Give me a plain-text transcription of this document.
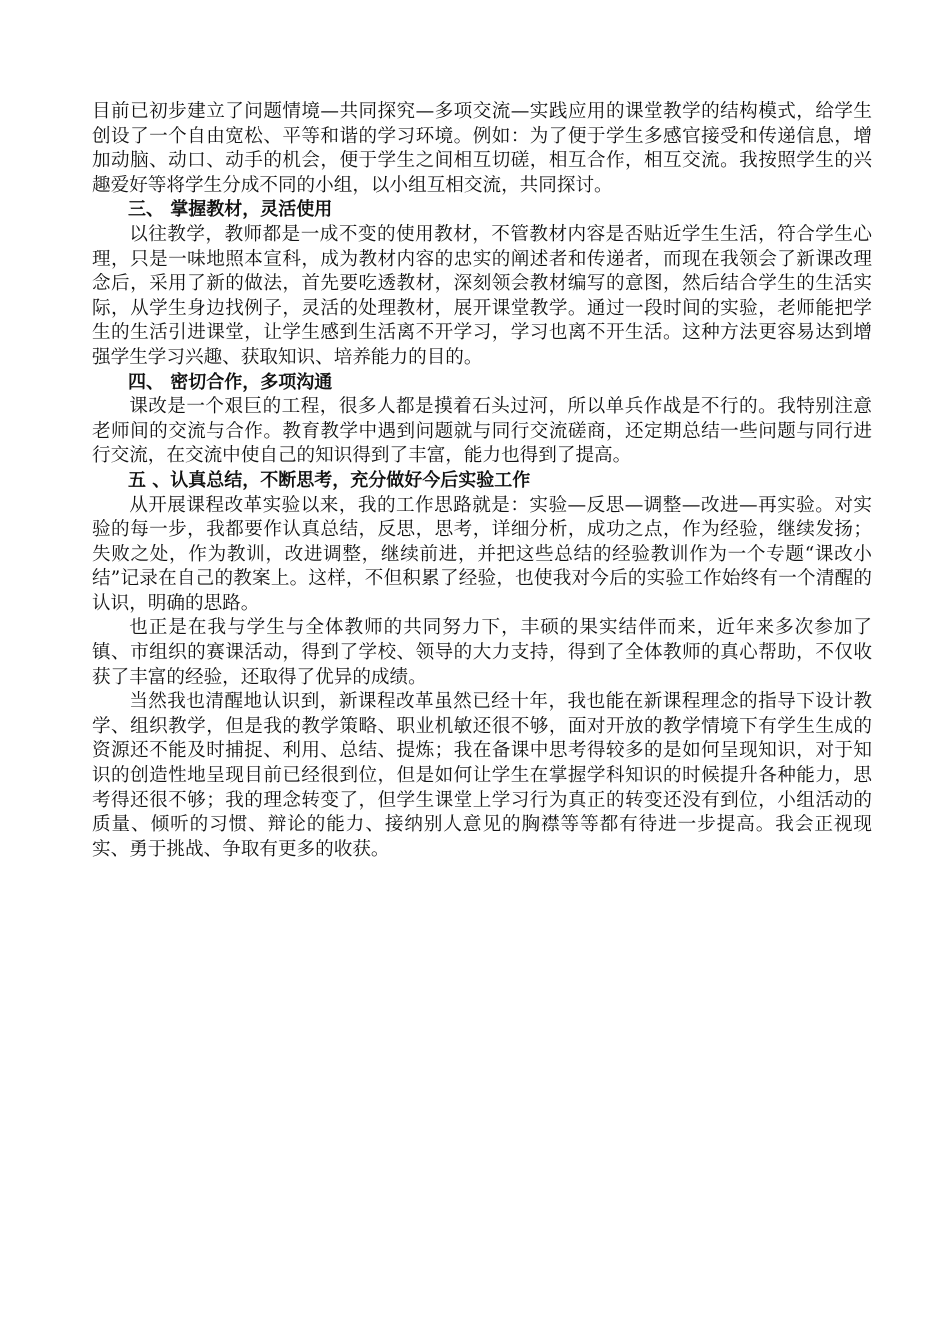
目前已初步建立了问题情境—共同探究—多项交流—实践应用的课堂教学的结构模式，给学生创设了一个自由宽松、平等和谐的学习环境。例如：为了便于学生多感官接受和传递信息，增加动脑、动口、动手的机会，便于学生之间相互切磋，相互合作，相互交流。我按照学生的兴趣爱好等将学生分成不同的小组，以小组互相交流，共同探讨。

三、 掌握教材，灵活使用

以往教学，教师都是一成不变的使用教材，不管教材内容是否贴近学生生活，符合学生心理，只是一味地照本宣科，成为教材内容的忠实的阐述者和传递者，而现在我领会了新课改理念后，采用了新的做法，首先要吃透教材，深刻领会教材编写的意图，然后结合学生的生活实际，从学生身边找例子，灵活的处理教材，展开课堂教学。通过一段时间的实验，老师能把学生的生活引进课堂，让学生感到生活离不开学习，学习也离不开生活。这种方法更容易达到增强学生学习兴趣、获取知识、培养能力的目的。

四、 密切合作，多项沟通

课改是一个艰巨的工程，很多人都是摸着石头过河，所以单兵作战是不行的。我特别注意老师间的交流与合作。教育教学中遇到问题就与同行交流磋商，还定期总结一些问题与同行进行交流，在交流中使自己的知识得到了丰富，能力也得到了提高。

五 、认真总结，不断思考，充分做好今后实验工作

从开展课程改革实验以来，我的工作思路就是：实验—反思—调整—改进—再实验。对实验的每一步，我都要作认真总结，反思，思考，详细分析，成功之点，作为经验，继续发扬；失败之处，作为教训，改进调整，继续前进，并把这些总结的经验教训作为一个专题“课改小结”记录在自己的教案上。这样，不但积累了经验，也使我对今后的实验工作始终有一个清醒的认识，明确的思路。

也正是在我与学生与全体教师的共同努力下，丰硕的果实结伴而来，近年来多次参加了镇、市组织的赛课活动，得到了学校、领导的大力支持，得到了全体教师的真心帮助，不仅收获了丰富的经验，还取得了优异的成绩。

当然我也清醒地认识到，新课程改革虽然已经十年，我也能在新课程理念的指导下设计教学、组织教学，但是我的教学策略、职业机敏还很不够，面对开放的教学情境下有学生生成的资源还不能及时捕捉、利用、总结、提炼；我在备课中思考得较多的是如何呈现知识，对于知识的创造性地呈现目前已经很到位，但是如何让学生在掌握学科知识的时候提升各种能力，思考得还很不够；我的理念转变了，但学生课堂上学习行为真正的转变还没有到位，小组活动的质量、倾听的习惯、辩论的能力、接纳别人意见的胸襟等等都有待进一步提高。我会正视现实、勇于挑战、争取有更多的收获。
